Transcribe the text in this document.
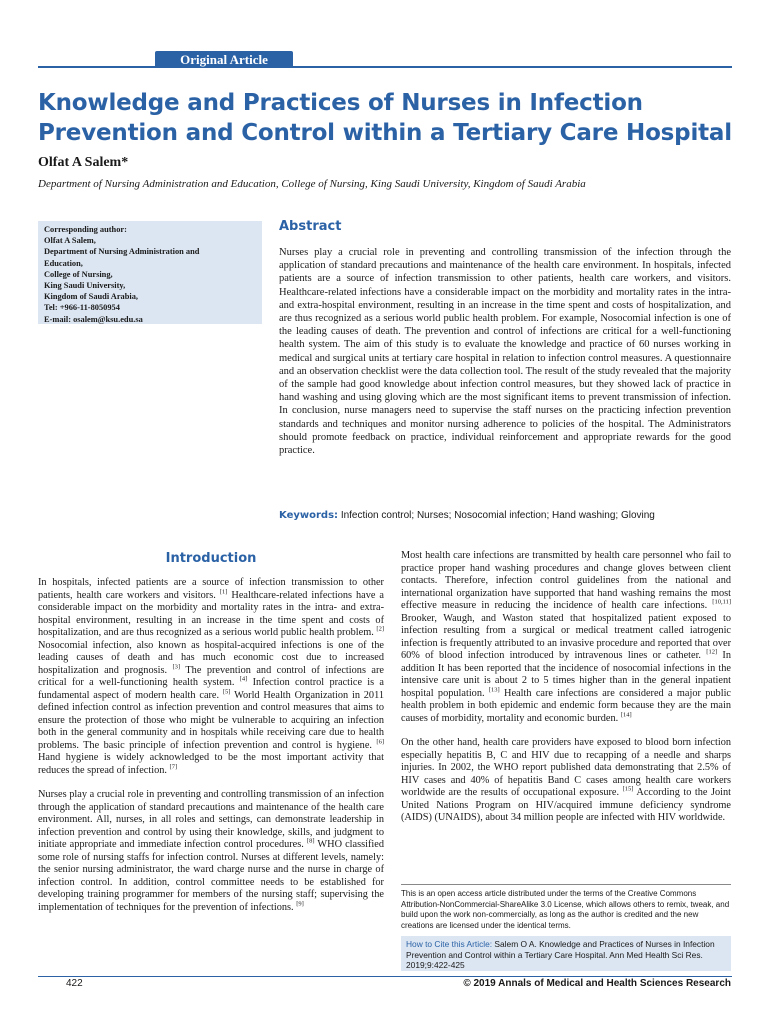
Original Article
Knowledge and Practices of Nurses in Infection Prevention and Control within a Tertiary Care Hospital
Olfat A Salem*
Department of Nursing Administration and Education, College of Nursing, King Saudi University, Kingdom of Saudi Arabia
Corresponding author:
Olfat A Salem,
Department of Nursing Administration and
Education,
College of Nursing,
King Saudi University,
Kingdom of Saudi Arabia,
Tel: +966-11-8050954
E-mail: osalem@ksu.edu.sa
Abstract

Nurses play a crucial role in preventing and controlling transmission of the infection through the application of standard precautions and maintenance of the health care environment. In hospitals, infected patients are a source of infection transmission to other patients, health care workers, and visitors. Healthcare-related infections have a considerable impact on the morbidity and mortality rates in the intra- and extra-hospital environment, resulting in an increase in the time spent and costs of hospitalization, and are thus recognized as a serious world public health problem. For example, Nosocomial infection is one of the leading causes of death. The prevention and control of infections are critical for a well-functioning health system. The aim of this study is to evaluate the knowledge and practice of 60 nurses working in medical and surgical units at tertiary care hospital in relation to infection control measures. A questionnaire and an observation checklist were the data collection tool. The result of the study revealed that the majority of the sample had good knowledge about infection control measures, but they showed lack of practice in hand washing and using gloving which are the most significant items to prevent transmission of infection. In conclusion, nurse managers need to supervise the staff nurses on the practicing infection prevention standards and techniques and monitor nursing adherence to policies of the hospital. The Administrators should promote feedback on practice, individual reinforcement and appropriate rewards for the good practice.

Keywords: Infection control; Nurses; Nosocomial infection; Hand washing; Gloving
Introduction

In hospitals, infected patients are a source of infection transmission to other patients, health care workers and visitors. [1] Healthcare-related infections have a considerable impact on the morbidity and mortality rates in the intra- and extra-hospital environment, resulting in an increase in the time spent and costs of hospitalization, and are thus recognized as a serious world public health problem. [2] Nosocomial infection, also known as hospital-acquired infections is one of the leading causes of death and has much economic cost due to increased hospitalization and prognosis. [3] The prevention and control of infections are critical for a well-functioning health system. [4] Infection control practice is a fundamental aspect of modern health care. [5] World Health Organization in 2011 defined infection control as infection prevention and control measures that aims to ensure the protection of those who might be vulnerable to acquiring an infection both in the general community and in hospitals while receiving care due to health problems. The basic principle of infection prevention and control is hygiene. [6] Hand hygiene is widely acknowledged to be the most important activity that reduces the spread of infection. [7]

Nurses play a crucial role in preventing and controlling transmission of an infection through the application of standard precautions and maintenance of the health care environment. All, nurses, in all roles and settings, can demonstrate leadership in infection prevention and control by using their knowledge, skills, and judgment to initiate appropriate and immediate infection control procedures. [8] WHO classified some role of nursing staffs for infection control. Nurses at different levels, namely: the senior nursing administrator, the ward charge nurse and the nurse in charge of infection control. In addition, control committee needs to be established for developing training programmer for members of the nursing staff; supervising the implementation of techniques for the prevention of infections. [9]

Most health care infections are transmitted by health care personnel who fail to practice proper hand washing procedures and change gloves between client contacts. Therefore, infection control guidelines from the national and international organization have supported that hand washing remains the most effective measure in reducing the incidence of health care infections. [10,11] Brooker, Waugh, and Waston stated that hospitalized patient exposed to infection resulting from a surgical or medical treatment called iatrogenic infection is frequently attributed to an invasive procedure and reported that over 60% of blood infection introduced by intravenous lines or catheter. [12] In addition It has been reported that the incidence of nosocomial infections in the intensive care unit is about 2 to 5 times higher than in the general inpatient hospital population. [13] Health care infections are considered a major public health problem in both epidemic and endemic form because they are the main causes of morbidity, mortality and economic burden. [14]

On the other hand, health care providers have exposed to blood born infection especially hepatitis B, C and HIV due to recapping of a needle and sharps injuries. In 2002, the WHO report published data demonstrating that 2.5% of HIV cases and 40% of hepatitis Band C cases among health care workers worldwide are the results of occupational exposure. [15] According to the Joint United Nations Program on HIV/acquired immune deficiency syndrome (AIDS) (UNAIDS), about 34 million people are infected with HIV worldwide.

This is an open access article distributed under the terms of the Creative Commons Attribution-NonCommercial-ShareAlike 3.0 License, which allows others to remix, tweak, and build upon the work non-commercially, as long as the author is credited and the new creations are licensed under the identical terms.
How to Cite this Article: Salem O A. Knowledge and Practices of Nurses in Infection Prevention and Control within a Tertiary Care Hospital. Ann Med Health Sci Res. 2019;9:422-425
422	© 2019 Annals of Medical and Health Sciences Research
